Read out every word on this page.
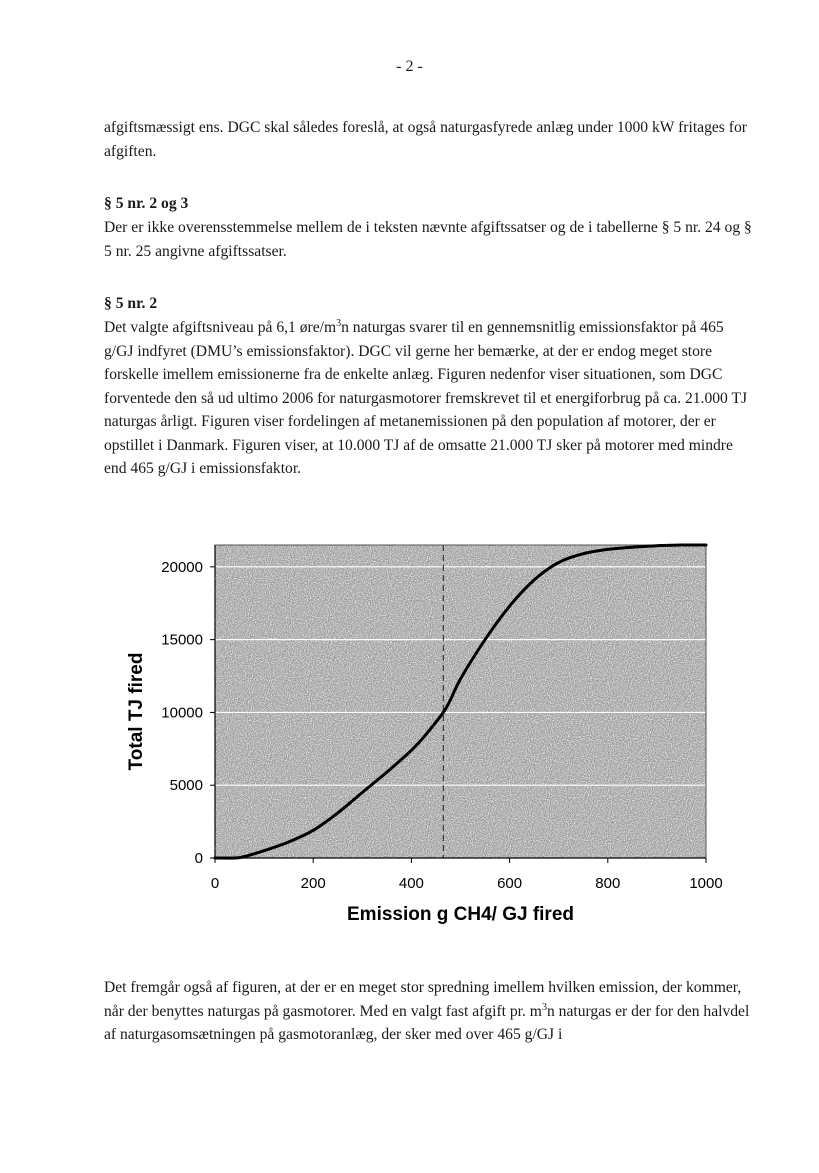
- 2 -

afgiftsmæssigt ens. DGC skal således foreslå, at også naturgasfyrede anlæg under 1000 kW fritages for afgiften.

§ 5 nr. 2 og 3

Der er ikke overensstemmelse mellem de i teksten nævnte afgiftssatser og de i tabellerne § 5 nr. 24 og § 5 nr. 25 angivne afgiftssatser.

§ 5 nr. 2

Det valgte afgiftsniveau på 6,1 øre/$m^3n$ naturgas svarer til en gennemsnitlig emissionsfaktor på 465 g/GJ indfyret (DMU’s emissionsfaktor). DGC vil gerne her bemærke, at der er endog meget store forskelle imellem emissionerne fra de enkelte anlæg. Figuren nedenfor viser situationen, som DGC forventede den så ud ultimo 2006 for naturgasmotorer fremskrevet til et energiforbrug på ca. 21.000 TJ naturgas årligt. Figuren viser fordelingen af metanemissionen på den population af motorer, der er opstillet i Danmark. Figuren viser, at 10.000 TJ af de omsatte 21.000 TJ sker på motorer med mindre end 465 g/GJ i emissionsfaktor.

0	200	400	600	800	1000
0
5000
10000
15000
20000
Emission g CH4/ GJ fired
Total TJ fired

Det fremgår også af figuren, at der er en meget stor spredning imellem hvilken emission, der kommer, når der benyttes naturgas på gasmotorer. Med en valgt fast afgift pr. $m^3n$ naturgas er der for den halvdel af naturgasomsætningen på gasmotoranlæg, der sker med over 465 g/GJ i
